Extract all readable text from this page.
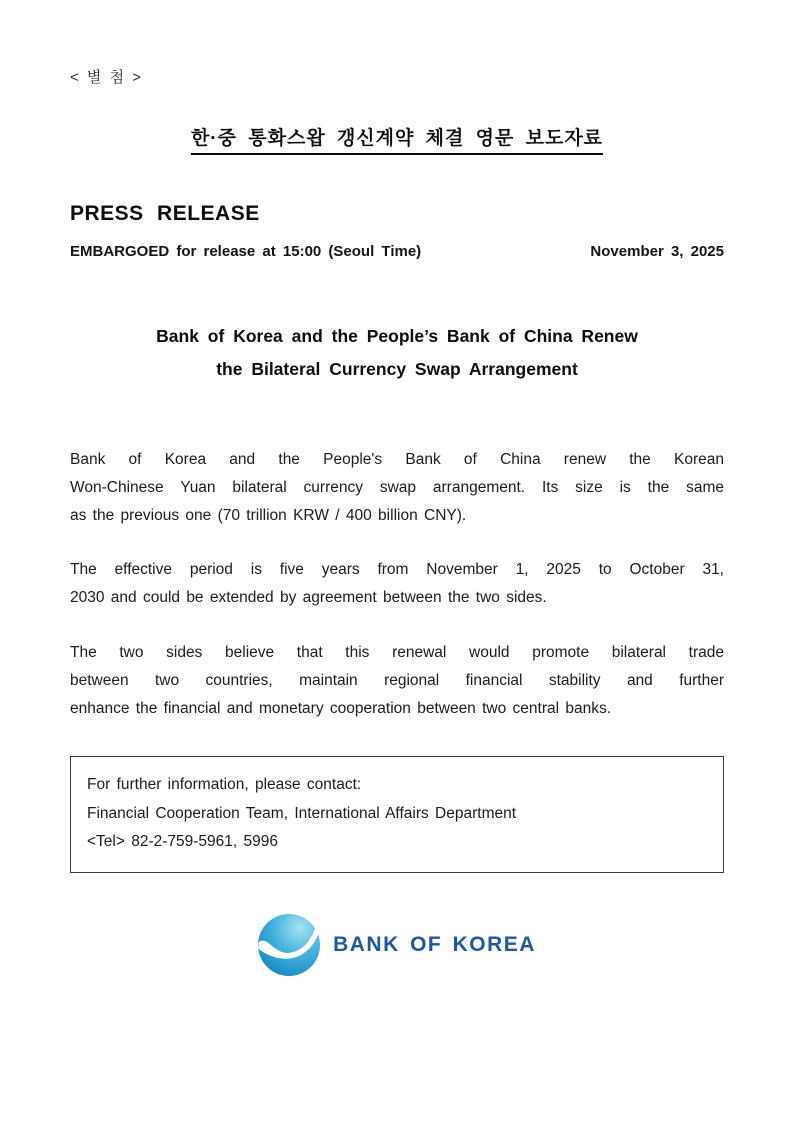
< 별 첨 >
한·중 통화스왑 갱신계약 체결 영문 보도자료
PRESS RELEASE
EMBARGOED for release at 15:00 (Seoul Time)	November 3, 2025
Bank of Korea and the People’s Bank of China Renew
the Bilateral Currency Swap Arrangement
Bank of Korea and the People's Bank of China renew the Korean
Won-Chinese Yuan bilateral currency swap arrangement. Its size is the same
as the previous one (70 trillion KRW / 400 billion CNY).
The effective period is five years from November 1, 2025 to October 31,
2030 and could be extended by agreement between the two sides.
The two sides believe that this renewal would promote bilateral trade
between two countries, maintain regional financial stability and further
enhance the financial and monetary cooperation between two central banks.
For further information, please contact:
Financial Cooperation Team, International Affairs Department
<Tel> 82-2-759-5961, 5996
BANK OF KOREA
